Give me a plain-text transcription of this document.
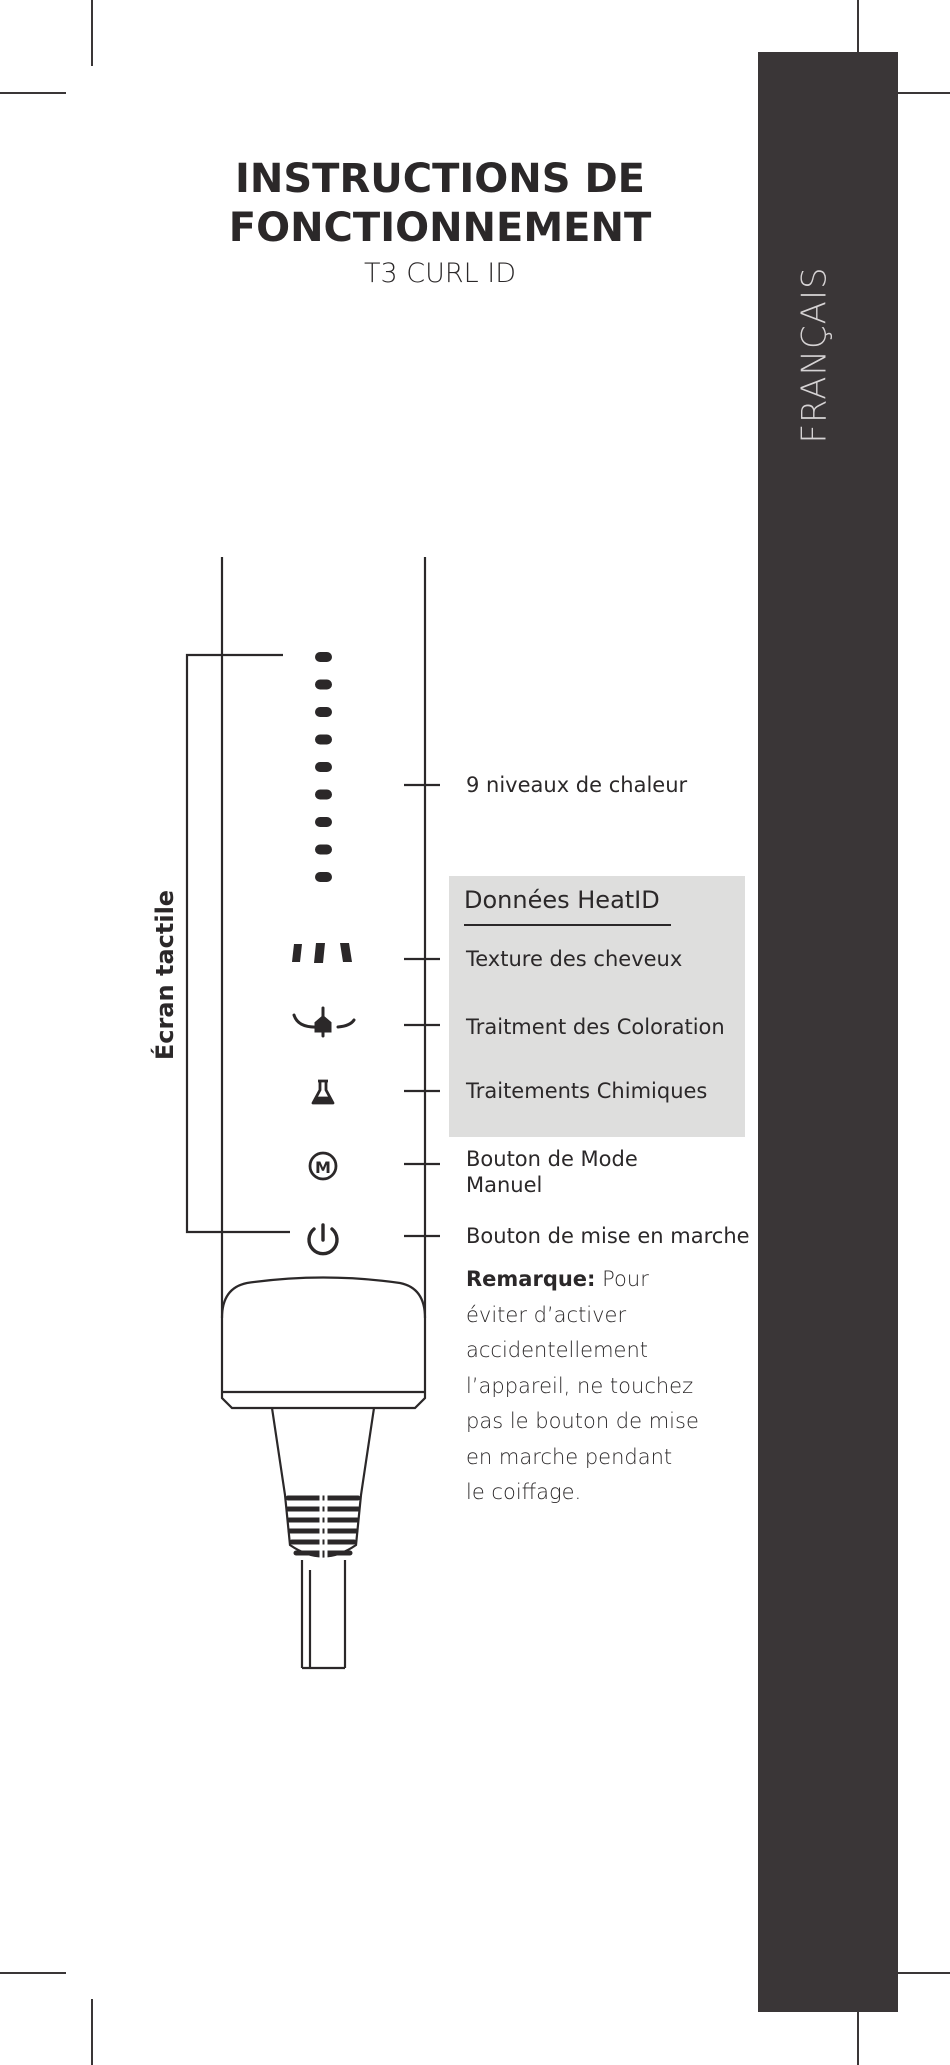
FRANÇAIS
INSTRUCTIONS DE
FONCTIONNEMENT
T3 CURL ID
Données HeatID
M
Écran tactile
9 niveaux de chaleur
Texture des cheveux
Traitment des Coloration
Traitements Chimiques
Bouton de Mode
Manuel
Bouton de mise en marche
Remarque: Pour
éviter d’activer
accidentellement
l’appareil, ne touchez
pas le bouton de mise
en marche pendant
le coiffage.
